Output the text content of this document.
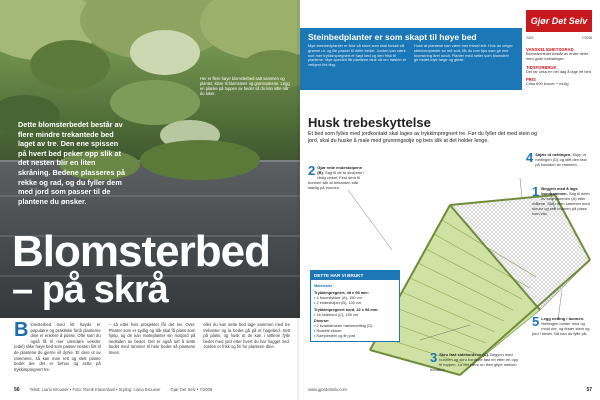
Her er flere høye blomsterbed satt sammen og plantet, klare til blomstene og grønnsakene. Legg en planke på toppen av bedet så du kan sitte når du luker.
Dette blomsterbedet består av flere mindre trekantede bed laget av tre. Den ene spissen på hvert bed peker opp slik at det nesten blir en liten skråning. Bedene plasseres på rekke og rad, og du fyller dem med jord som passer til de plantene du ønsker.
Blomsterbed
– på skrå
B lomsterbed med litt høyde er populære og praktiske fordi planterne dine er enklere å pusse. Ofte som du også få til mer utendørs vekster (edel) slike høye bed som passer nesten fint til de plantene du gjerne vil dyrke. Er dere ut av rammene, så kan man rett og slett plante bedet der det er behov og sette på trykkimpregnert tre.
– så ettet hvis prosjektet får det lov. Over. Planter som er sydlig og slik skal få plass som hjelp, og de kan møteplanter sin matjord på nedsiden av bedet. Det er også lurt å sette bedet med rammer til hele bedet så plantene trives.
eller du kan sette bed lage sammen med tre trekanter og la bedet gå på et hagebed. Sett på plass, og husk at de kan i røttene fylle bedet med jord etter hvert du har hogget ned. Jorden er frisk og fin for plantene dine.
56 Tekst: Liana Brouwer • Foto: Rienk Klaverdaal • Styling: Liana Brouwer Gjør Det Selv • 7/2008
Steinbedplanter er som skapt til høye bed
Mye steinbedplanter er ikke så store som skal forsøk så grønne ut, og lite passer til dette bedet. Jorden kan være noe mer trykkimpregnert et høyt bed og den frisk til plantene. Mye spesielt får plantene dine nå om høsten et velkjent fint ting.
Husk at plantene kan være mer trivsel tett. Hvis du velger steinbedplanter av rett sort, får du mer tips som gir mer blomstring året rundt. Planter med røtter som blomstrer gir bedet mye farge og glede.
Gjør Det Selv
GDS	7/2008
VANSKELIGHETSGRAD
Blomsterbedet består av enkle deler med gode forklaringer
TIDSFORBRUK
Det tar cirka en hel dag å lage ett bed
PRIS
Cirka 600 kroner + mulig
Husk trebeskyttelse
Et bed som fylles med jordkontakt skal lages av trykkimpregnert tre. Før du fyller det med stein og jord, skal du huske å male med grunningsolje og beis slik at det holder lenge.
2 Gjør rede endestolpene (B). Sag til de to stolpene i riktig vinkel. Fest dem til bunnen slik at trekanten står stødig på bunnen.
4 Skjær ut nettingen. Klipp ut nettingen (D) og stift den fast på innsiden av rammen.
1 Begynn med å lage bunnrammen. Sag til deler av bunnrammen (A) etter målene. Skru dem sammen med skruer og sett bunnen på plass som vist.
3 Skru fast sidebordene (C). Begynn med bunnen og skru bordene fast en etter en opp til toppen. La det være en liten glipe mellom bordene.
5 Legg netting i bunnen. Nettingen holder mus og mold ute, og fester stein og jord i bedet. Nå kan du fylle på.
DETTE HAR VI BRUKT
Materialer
Trykkimpregnert, 48 x 98 mm:
• 4 bunnstykker (A), 150 cm
• 2 endestolper (B), 100 cm
Trykkimpregnert bord, 22 x 98 mm:
• 16 sidebord (C), 150 cm
Diverse:
• 2 kvadratmeter hønsenetting (D)
• Rustfrie skruer
• Kampestein og fin jord
www.gjordetselv.com	57
